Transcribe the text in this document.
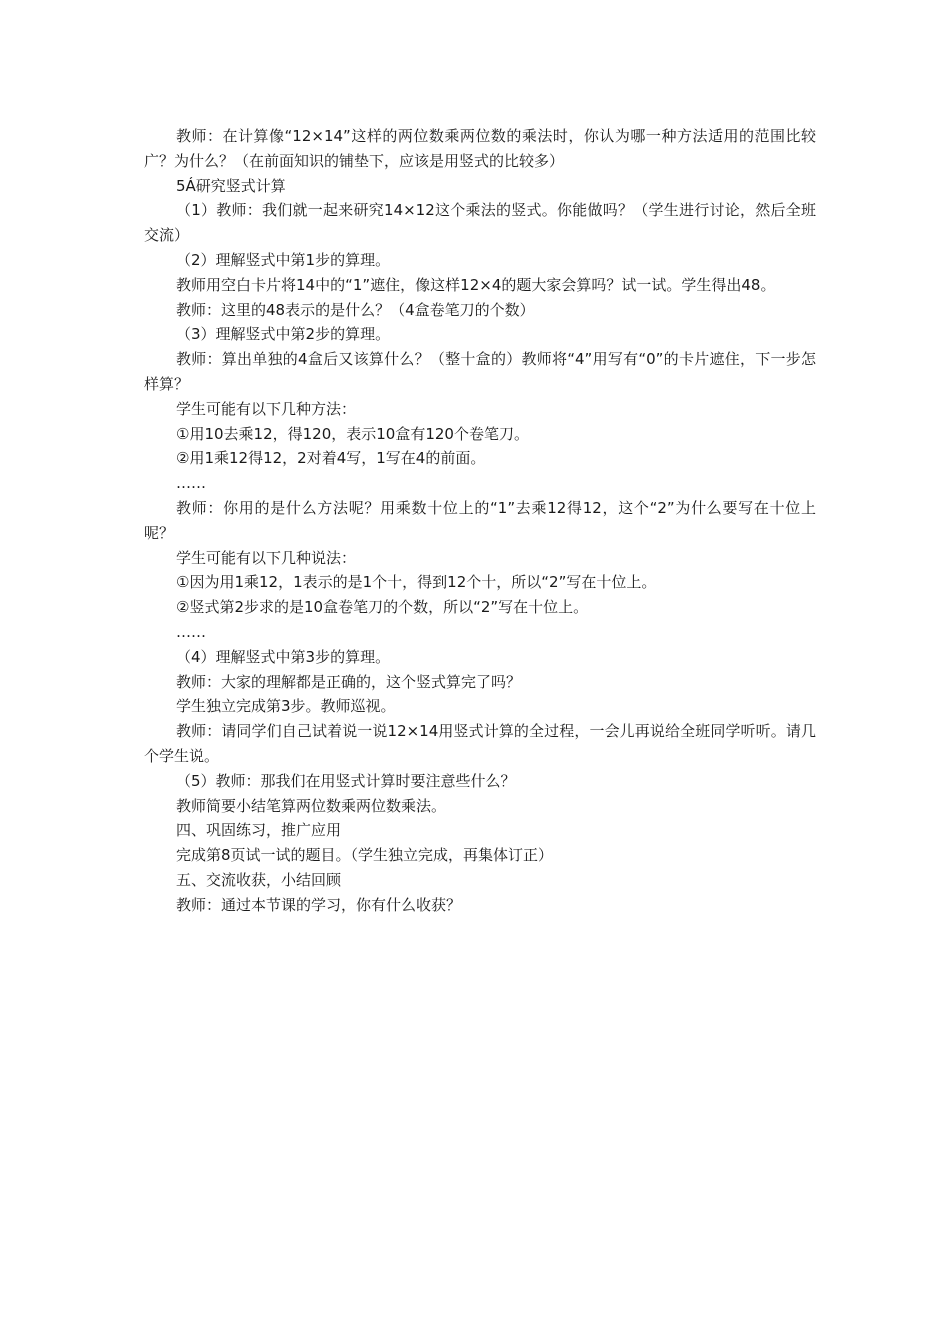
教师：在计算像“12×14”这样的两位数乘两位数的乘法时，你认为哪一种方法适用的范围比较广？为什么？（在前面知识的铺垫下，应该是用竖式的比较多）

5Á研究竖式计算

（1）教师：我们就一起来研究14×12这个乘法的竖式。你能做吗？（学生进行讨论，然后全班交流）

（2）理解竖式中第1步的算理。

教师用空白卡片将14中的“1”遮住，像这样12×4的题大家会算吗？试一试。学生得出48。

教师：这里的48表示的是什么？（4盒卷笔刀的个数）

（3）理解竖式中第2步的算理。

教师：算出单独的4盒后又该算什么？（整十盒的）教师将“4”用写有“0”的卡片遮住，下一步怎样算？

学生可能有以下几种方法：

①用10去乘12，得120，表示10盒有120个卷笔刀。

②用1乘12得12，2对着4写，1写在4的前面。

……

教师：你用的是什么方法呢？用乘数十位上的“1”去乘12得12，这个“2”为什么要写在十位上呢？

学生可能有以下几种说法：

①因为用1乘12，1表示的是1个十，得到12个十，所以“2”写在十位上。

②竖式第2步求的是10盒卷笔刀的个数，所以“2”写在十位上。

……

（4）理解竖式中第3步的算理。

教师：大家的理解都是正确的，这个竖式算完了吗？

学生独立完成第3步。教师巡视。

教师：请同学们自己试着说一说12×14用竖式计算的全过程，一会儿再说给全班同学听听。请几个学生说。

（5）教师：那我们在用竖式计算时要注意些什么？

教师简要小结笔算两位数乘两位数乘法。

四、巩固练习，推广应用

完成第8页试一试的题目。（学生独立完成，再集体订正）

五、交流收获，小结回顾

教师：通过本节课的学习，你有什么收获？
